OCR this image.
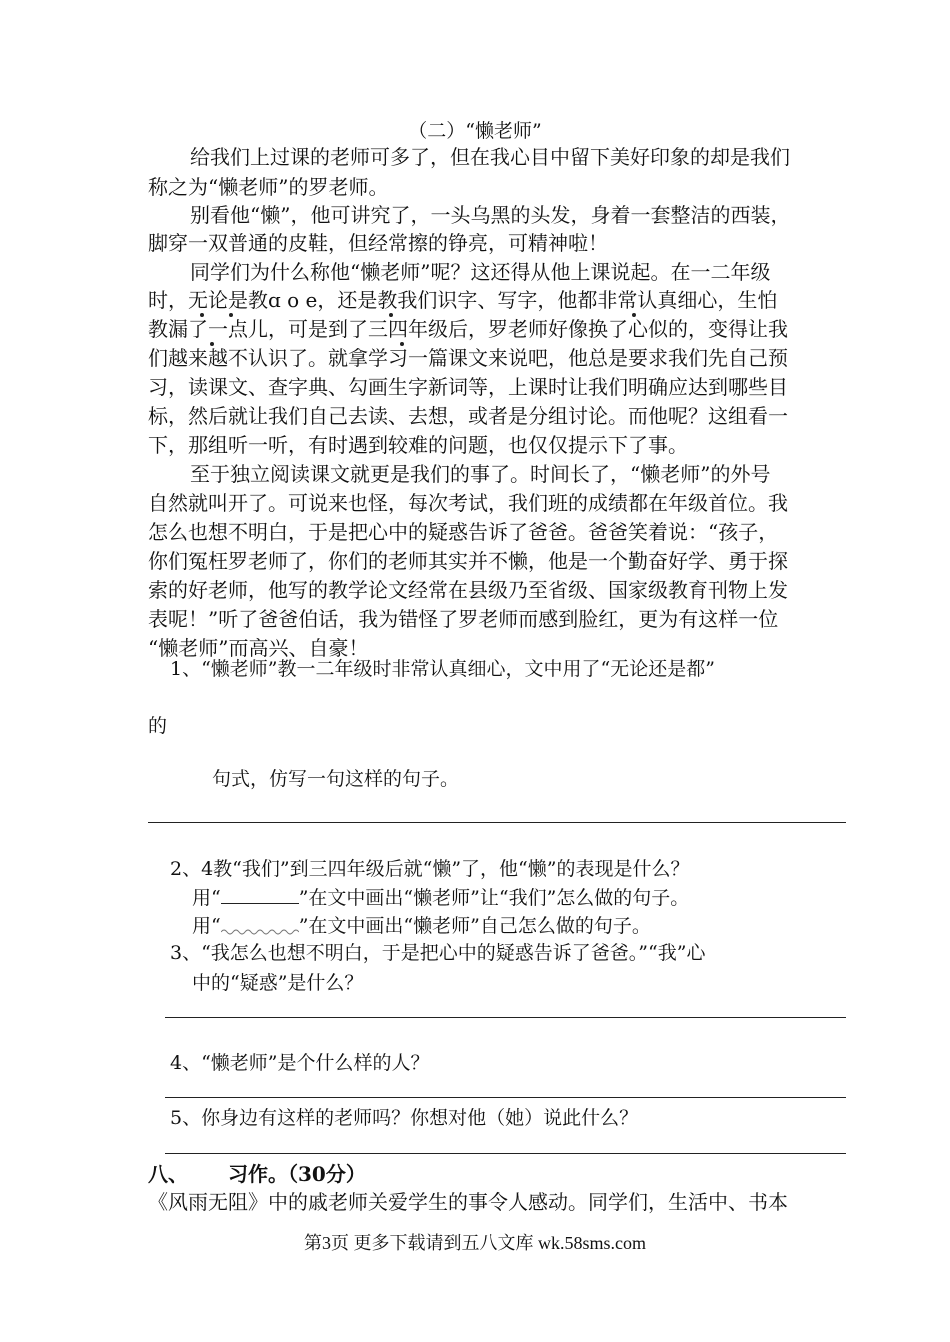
（二）“懒老师”
给我们上过课的老师可多了，但在我心目中留下美好印象的却是我们
称之为“懒老师”的罗老师。
别看他“懒”，他可讲究了，一头乌黑的头发，身着一套整洁的西装，
脚穿一双普通的皮鞋，但经常擦的铮亮，可精神啦！
同学们为什么称他“懒老师”呢？这还得从他上课说起。在一二年级
时，无论是教ɑ o e，还是教我们识字、写字，他都非常认真细心，生怕
教漏了一点儿，可是到了三四年级后，罗老师好像换了心似的，变得让我
们越来越不认识了。就拿学习一篇课文来说吧，他总是要求我们先自己预
习，读课文、查字典、勾画生字新词等，上课时让我们明确应达到哪些目
标，然后就让我们自己去读、去想，或者是分组讨论。而他呢？这组看一
下，那组听一听，有时遇到较难的问题，也仅仅提示下了事。
至于独立阅读课文就更是我们的事了。时间长了，“懒老师”的外号
自然就叫开了。可说来也怪，每次考试，我们班的成绩都在年级首位。我
怎么也想不明白，于是把心中的疑惑告诉了爸爸。爸爸笑着说：“孩子，
你们冤枉罗老师了，你们的老师其实并不懒，他是一个勤奋好学、勇于探
索的好老师，他写的教学论文经常在县级乃至省级、国家级教育刊物上发
表呢！”听了爸爸伯话，我为错怪了罗老师而感到脸红，更为有这样一位
“懒老师”而高兴、自豪！
1、“懒老师”教一二年级时非常认真细心，文中用了“无论还是都”
的
句式，仿写一句这样的句子。
2、4教“我们”到三四年级后就“懒”了，他“懒”的表现是什么？
用“	”在文中画出“懒老师”让“我们”怎么做的句子。
用“	”在文中画出“懒老师”自己怎么做的句子。
3、“我怎么也想不明白，于是把心中的疑惑告诉了爸爸。”“我”心
中的“疑惑”是什么？
4、“懒老师”是个什么样的人？
5、你身边有这样的老师吗？你想对他（她）说此什么？
八、 习作。（30分）
《风雨无阻》中的戚老师关爱学生的事令人感动。同学们，生活中、书本
第3页 更多下载请到五八文库 wk.58sms.com
